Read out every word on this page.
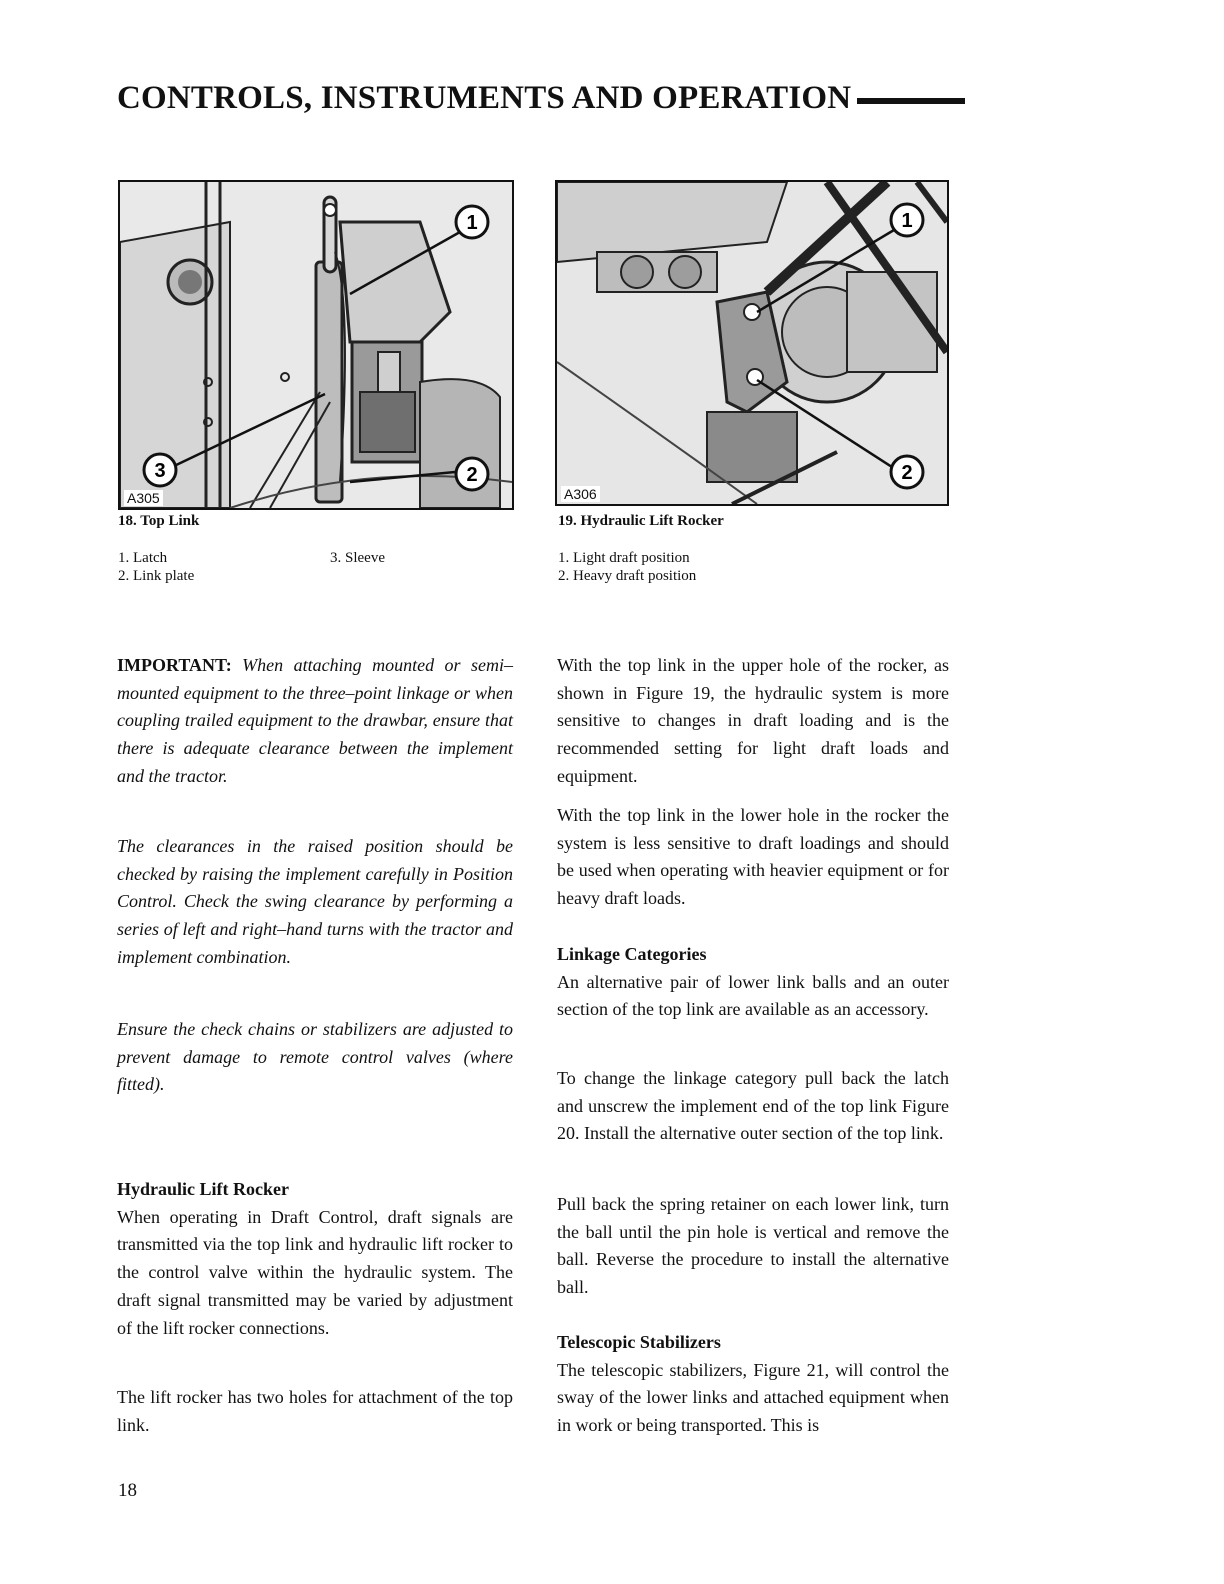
CONTROLS, INSTRUMENTS AND OPERATION
1
3	2
A305
18. Top Link
1. Latch
2. Link plate
3. Sleeve
1
2
A306
19. Hydraulic Lift Rocker
1. Light draft position
2. Heavy draft position

IMPORTANT: When attaching mounted or semi–mounted equipment to the three–point linkage or when coupling trailed equipment to the drawbar, ensure that there is adequate clearance between the implement and the tractor.

The clearances in the raised position should be checked by raising the implement carefully in Position Control. Check the swing clearance by performing a series of left and right–hand turns with the tractor and implement combination.

Ensure the check chains or stabilizers are adjusted to prevent damage to remote control valves (where fitted).

Hydraulic Lift Rocker

When operating in Draft Control, draft signals are transmitted via the top link and hydraulic lift rocker to the control valve within the hydraulic system. The draft signal transmitted may be varied by adjustment of the lift rocker connections.

The lift rocker has two holes for attachment of the top link.

With the top link in the upper hole of the rocker, as shown in Figure 19, the hydraulic system is more sensitive to changes in draft loading and is the recommended setting for light draft loads and equipment.

With the top link in the lower hole in the rocker the system is less sensitive to draft loadings and should be used when operating with heavier equipment or for heavy draft loads.

Linkage Categories

An alternative pair of lower link balls and an outer section of the top link are available as an accessory.

To change the linkage category pull back the latch and unscrew the implement end of the top link Figure 20. Install the alternative outer section of the top link.

Pull back the spring retainer on each lower link, turn the ball until the pin hole is vertical and remove the ball. Reverse the procedure to install the alternative ball.

Telescopic Stabilizers

The telescopic stabilizers, Figure 21, will control the sway of the lower links and attached equipment when in work or being transported. This is

18
